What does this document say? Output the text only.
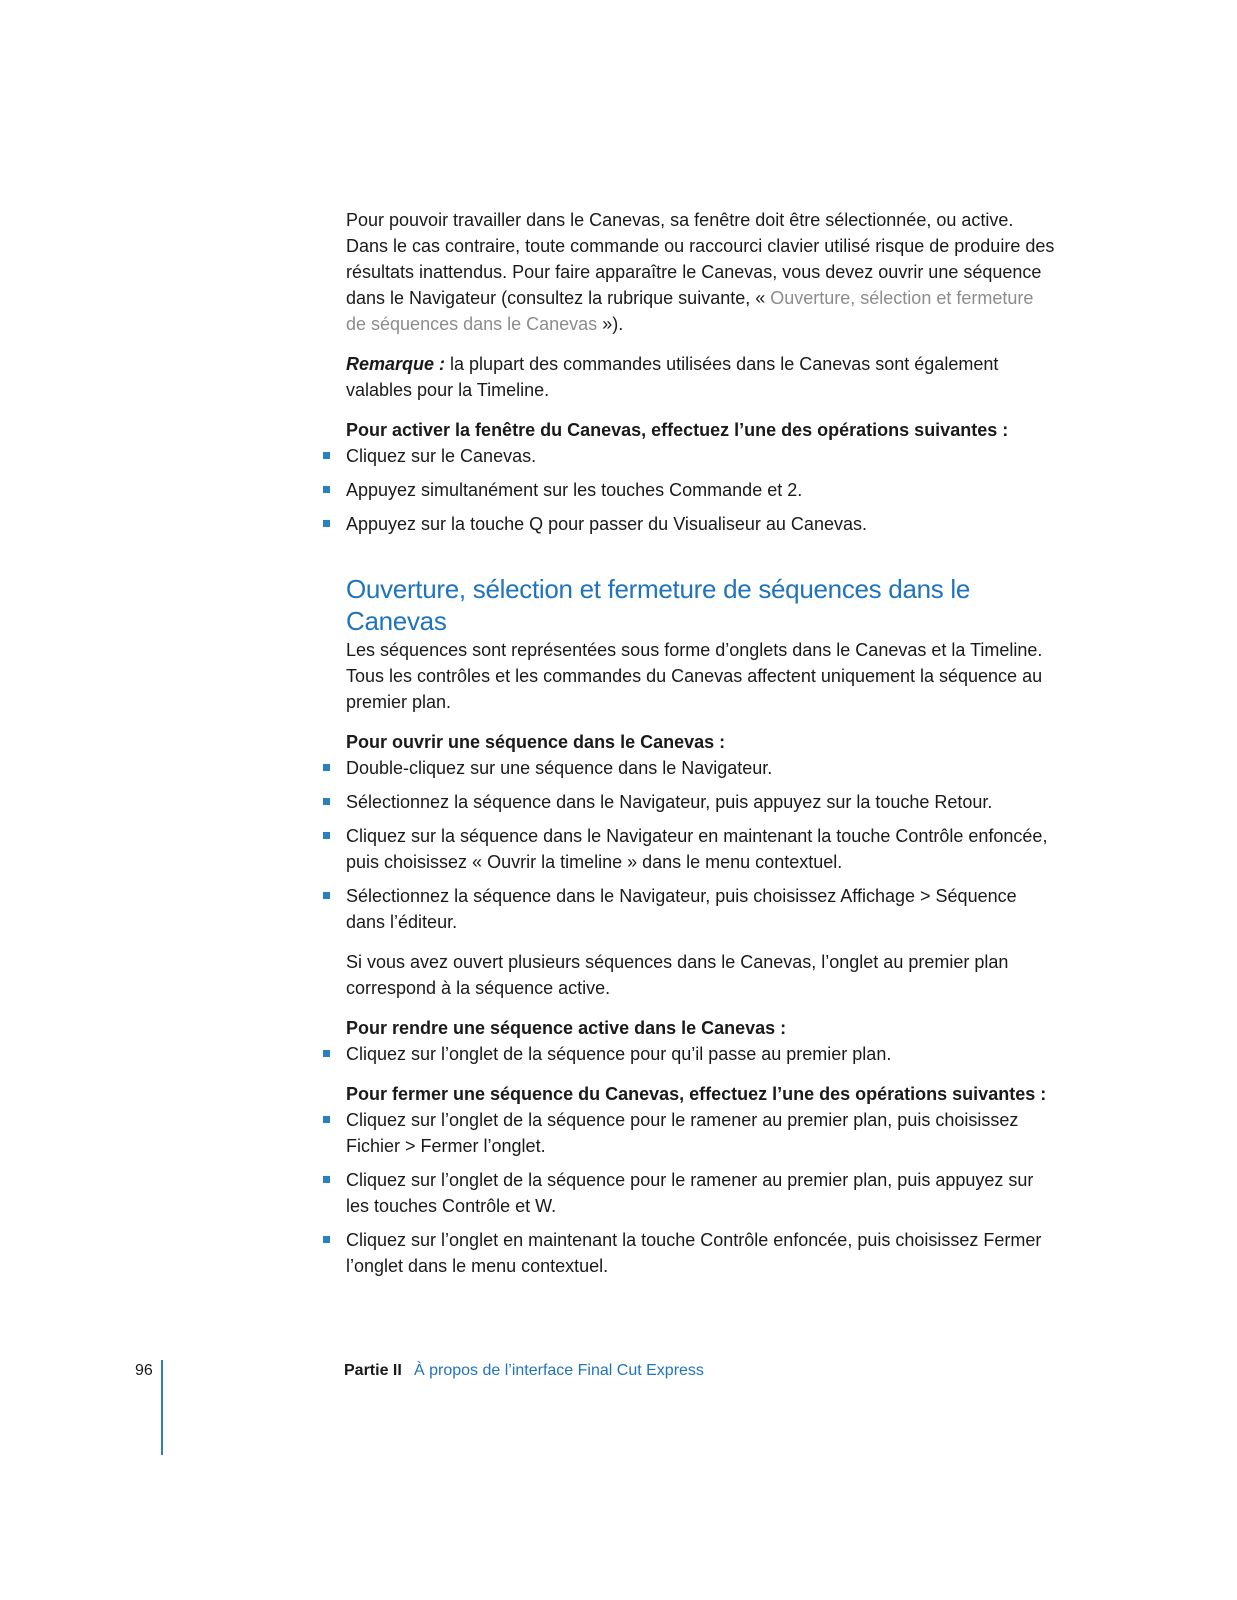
Pour pouvoir travailler dans le Canevas, sa fenêtre doit être sélectionnée, ou active. Dans le cas contraire, toute commande ou raccourci clavier utilisé risque de produire des résultats inattendus. Pour faire apparaître le Canevas, vous devez ouvrir une séquence dans le Navigateur (consultez la rubrique suivante, « Ouverture, sélection et fermeture de séquences dans le Canevas »).

Remarque : la plupart des commandes utilisées dans le Canevas sont également valables pour la Timeline.

Pour activer la fenêtre du Canevas, effectuez l’une des opérations suivantes :

Cliquez sur le Canevas.
Appuyez simultanément sur les touches Commande et 2.
Appuyez sur la touche Q pour passer du Visualiseur au Canevas.
Ouverture, sélection et fermeture de séquences dans le Canevas

Les séquences sont représentées sous forme d’onglets dans le Canevas et la Timeline. Tous les contrôles et les commandes du Canevas affectent uniquement la séquence au premier plan.

Pour ouvrir une séquence dans le Canevas :

Double-cliquez sur une séquence dans le Navigateur.
Sélectionnez la séquence dans le Navigateur, puis appuyez sur la touche Retour.
Cliquez sur la séquence dans le Navigateur en maintenant la touche Contrôle enfoncée, puis choisissez « Ouvrir la timeline » dans le menu contextuel.
Sélectionnez la séquence dans le Navigateur, puis choisissez Affichage > Séquence dans l’éditeur.

Si vous avez ouvert plusieurs séquences dans le Canevas, l’onglet au premier plan correspond à la séquence active.

Pour rendre une séquence active dans le Canevas :

Cliquez sur l’onglet de la séquence pour qu’il passe au premier plan.

Pour fermer une séquence du Canevas, effectuez l’une des opérations suivantes :

Cliquez sur l’onglet de la séquence pour le ramener au premier plan, puis choisissez Fichier > Fermer l’onglet.
Cliquez sur l’onglet de la séquence pour le ramener au premier plan, puis appuyez sur les touches Contrôle et W.
Cliquez sur l’onglet en maintenant la touche Contrôle enfoncée, puis choisissez Fermer l’onglet dans le menu contextuel.
96	Partie II À propos de l’interface Final Cut Express
